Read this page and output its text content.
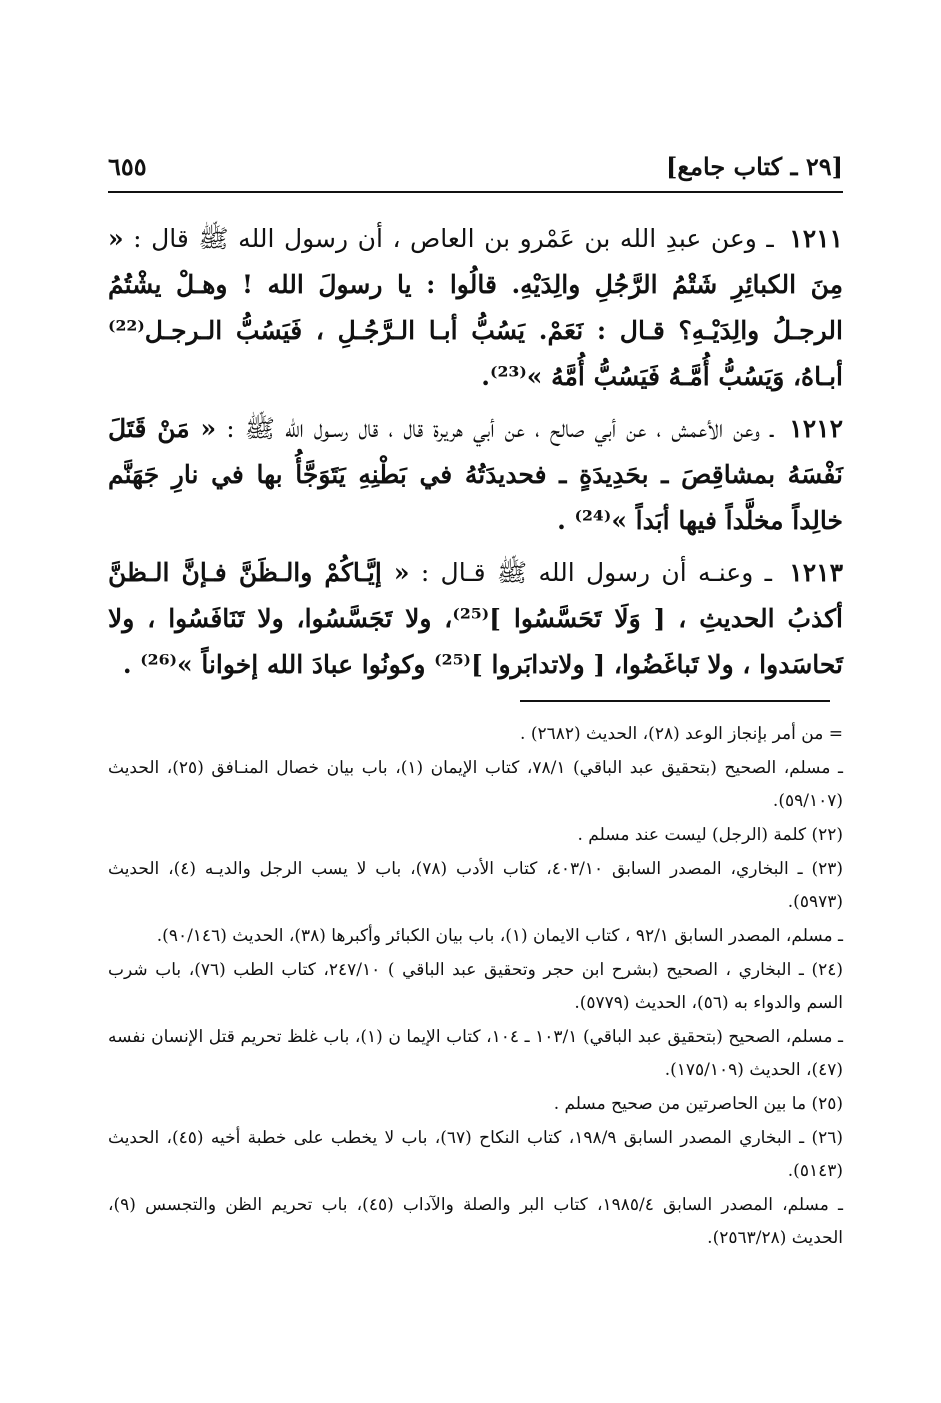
[٢٩ ـ كتاب جامع]
٦٥٥

١٢١١ ـ وعن عبدِ الله بن عَمْرو بن العاص ، أن رسول الله ﷺ قال : « مِنَ الكبائِرِ شَتْمُ الرَّجُلِ والِدَيْهِ. قالُوا : يا رسولَ الله ! وهـلْ يشْتُمُ الرجـلُ والِدَيْـهِ؟ قـال : نَعَمْ. يَسُبُّ أبـا الـرَّجُـلِ ، فَيَسُبُّ الـرجـل⁽²²⁾ أبـاهُ، وَيَسُبُّ أُمَّـهُ فَيَسُبُّ أُمَّهُ »⁽²³⁾.

١٢١٢ ـ وعن الأعمش ، عن أبي صالح ، عن أبي هريرة قال ، قال رسـول الله ﷺ : « مَنْ قَتَلَ نَفْسَهُ بمشاقِصَ ـ بحَدِيدَةٍ ـ فحديدَتُهُ في بَطْنِهِ يَتَوَجَّأُ بها في نارِ جَهَنَّم خالِداً مخلَّداً فيها أبَداً »⁽²⁴⁾ .

١٢١٣ ـ وعنـه أن رسول الله ﷺ قـال : « إيَّـاكُمْ والـظَنَّ فـإنَّ الـظنَّ أكذبُ الحديثِ ، [ وَلَا تَحَسَّسُوا ]⁽²⁵⁾، ولا تَجَسَّسُوا، ولا تَنَافَسُوا ، ولا تَحاسَدوا ، ولا تَباغَضُوا، [ ولاتدابَروا ]⁽²⁵⁾ وكونُوا عبادَ الله إخواناً »⁽²⁶⁾ .

= من أمر بإنجاز الوعد (٢٨)، الحديث (٢٦٨٢) .

ـ مسلم، الصحيح (بتحقيق عبد الباقي) ٧٨/١، كتاب الإيمان (١)، باب بيان خصال المنـافق (٢٥)، الحديث (٥٩/١٠٧).

(٢٢) كلمة (الرجل) ليست عند مسلم .

(٢٣) ـ البخاري، المصدر السابق ٤٠٣/١٠، كتاب الأدب (٧٨)، باب لا يسب الرجل والديـه (٤)، الحديث (٥٩٧٣).

ـ مسلم، المصدر السابق ٩٢/١ ، كتاب الايمان (١)، باب بيان الكبائر وأكبرها (٣٨)، الحديث (٩٠/١٤٦).

(٢٤) ـ البخاري ، الصحيح (بشرح ابن حجر وتحقيق عبد الباقي ) ٢٤٧/١٠، كتاب الطب (٧٦)، باب شرب السم والدواء به (٥٦)، الحديث (٥٧٧٩).

ـ مسلم، الصحيح (بتحقيق عبد الباقي) ١٠٣/١ ـ ١٠٤، كتاب الإيما ن (١)، باب غلظ تحريم قتل الإنسان نفسه (٤٧)، الحديث (١٧٥/١٠٩).

(٢٥) ما بين الحاصرتين من صحيح مسلم .

(٢٦) ـ البخاري المصدر السابق ١٩٨/٩، كتاب النكاح (٦٧)، باب لا يخطب على خطبة أخيه (٤٥)، الحديث (٥١٤٣).

ـ مسلم، المصدر السابق ١٩٨٥/٤، كتاب البر والصلة والآداب (٤٥)، باب تحريم الظن والتجسس (٩)، الحديث (٢٥٦٣/٢٨).
